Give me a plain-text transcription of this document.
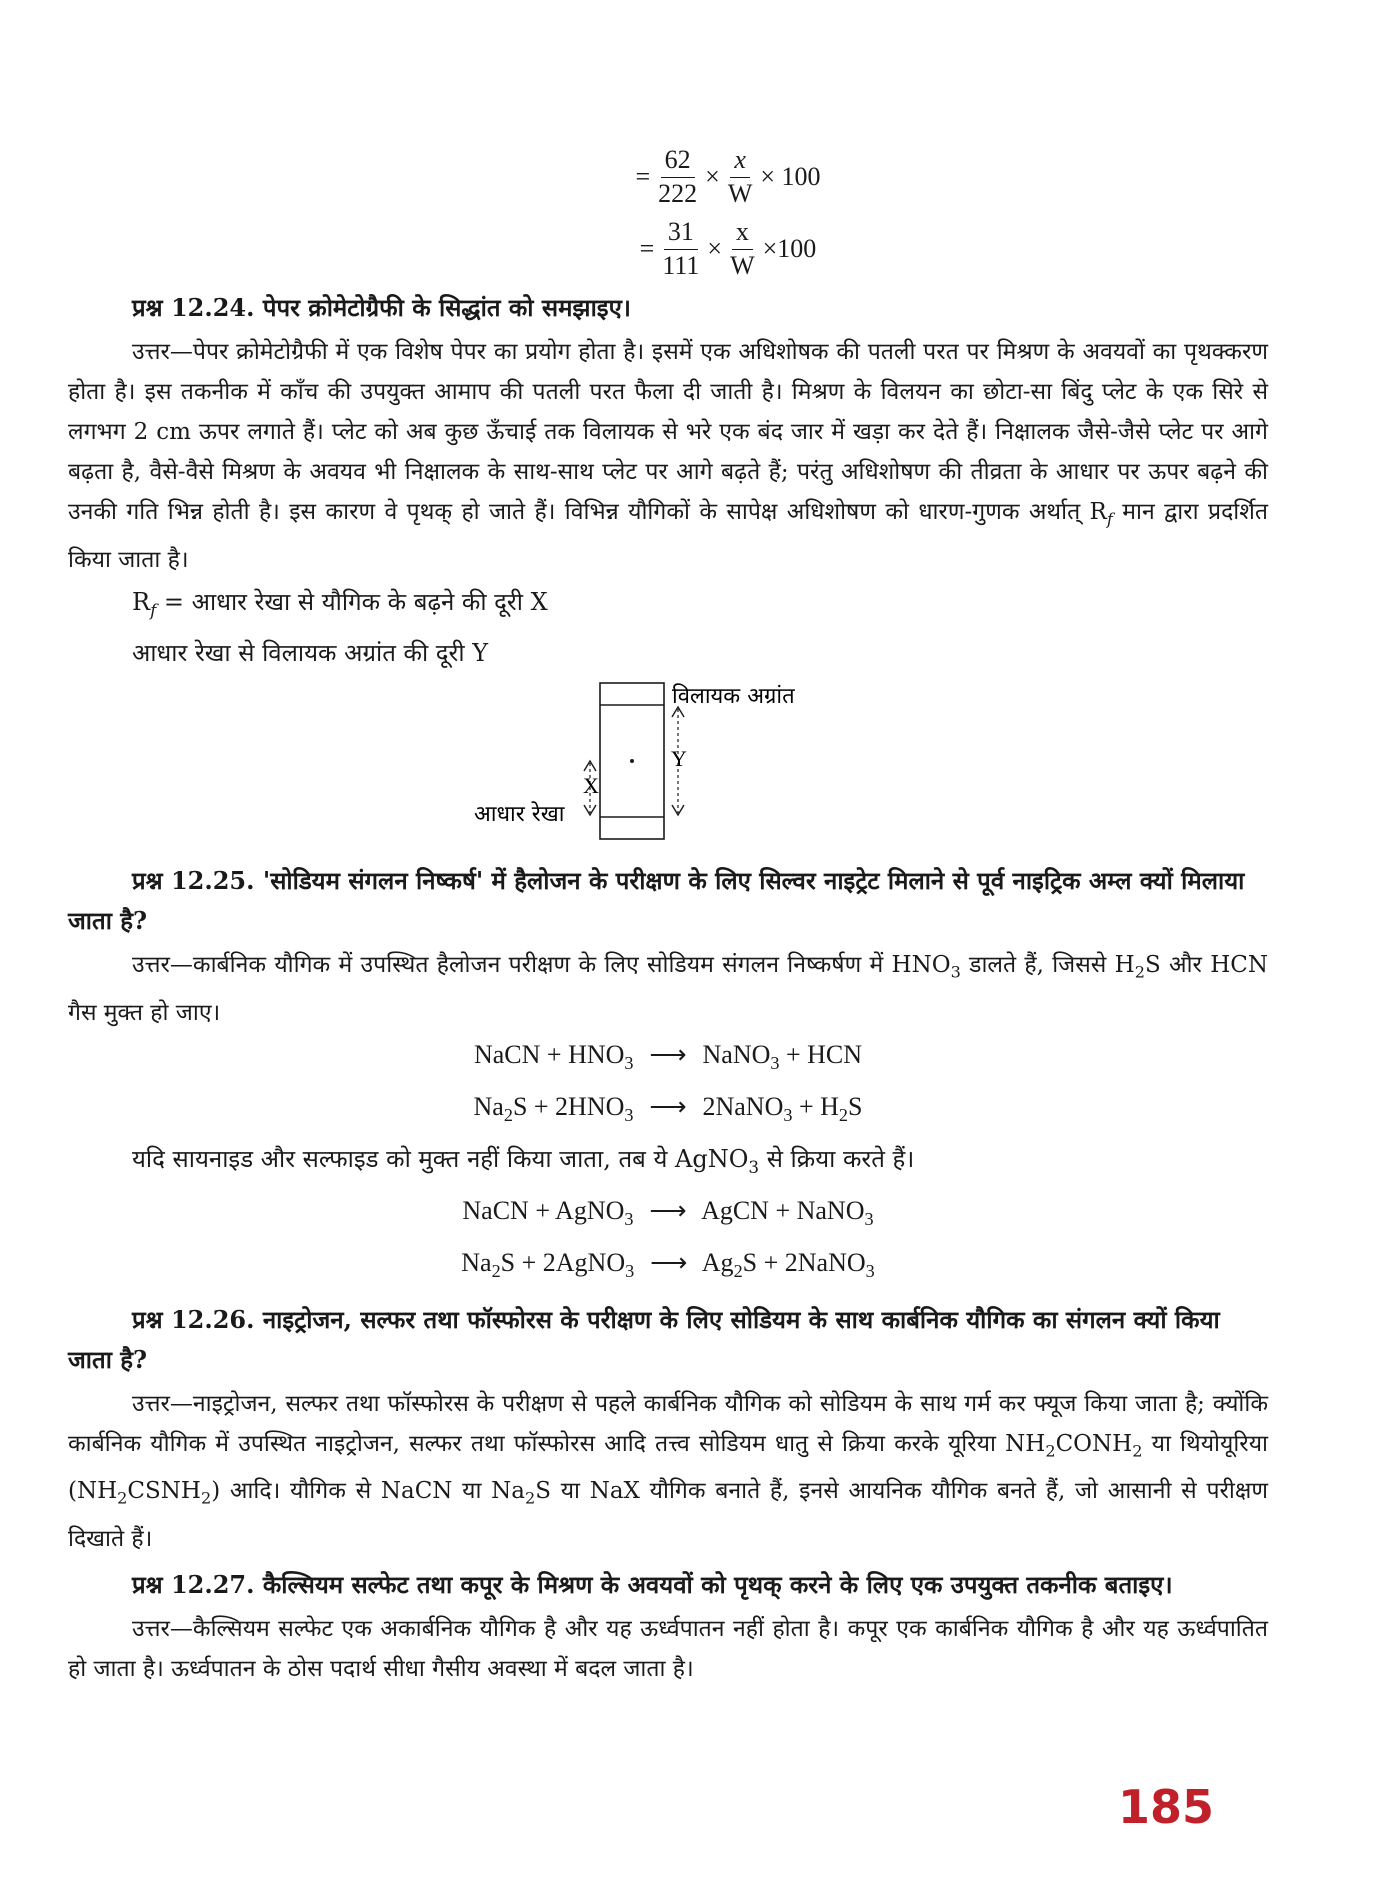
= $\frac{62}{222} \times \frac{x}{W} \times 100$
= $\frac{31}{111} \times \frac{x}{W} \times 100$
प्रश्न 12.24. पेपर क्रोमेटोग्रैफी के सिद्धांत को समझाइए।

उत्तर—पेपर क्रोमेटोग्रैफी में एक विशेष पेपर का प्रयोग होता है। इसमें एक अधिशोषक की पतली परत पर मिश्रण के अवयवों का पृथक्करण होता है। इस तकनीक में काँच की उपयुक्त आमाप की पतली परत फैला दी जाती है। मिश्रण के विलयन का छोटा-सा बिंदु प्लेट के एक सिरे से लगभग 2 cm ऊपर लगाते हैं। प्लेट को अब कुछ ऊँचाई तक विलायक से भरे एक बंद जार में खड़ा कर देते हैं। निक्षालक जैसे-जैसे प्लेट पर आगे बढ़ता है, वैसे-वैसे मिश्रण के अवयव भी निक्षालक के साथ-साथ प्लेट पर आगे बढ़ते हैं; परंतु अधिशोषण की तीव्रता के आधार पर ऊपर बढ़ने की उनकी गति भिन्न होती है। इस कारण वे पृथक् हो जाते हैं। विभिन्न यौगिकों के सापेक्ष अधिशोषण को धारण-गुणक अर्थात् $R_f$ मान द्वारा प्रदर्शित किया जाता है।

$R_f$ = आधार रेखा से यौगिक के बढ़ने की दूरी X
आधार रेखा से विलायक अग्रांत की दूरी Y
Y
X
विलायक अग्रांत
आधार रेखा
प्रश्न 12.25. 'सोडियम संगलन निष्कर्ष' में हैलोजन के परीक्षण के लिए सिल्वर नाइट्रेट मिलाने से पूर्व नाइट्रिक अम्ल क्यों मिलाया जाता है?

उत्तर—कार्बनिक यौगिक में उपस्थित हैलोजन परीक्षण के लिए सोडियम संगलन निष्कर्षण में $HNO_3$ डालते हैं, जिससे $H_2S$ और HCN गैस मुक्त हो जाए।

NaCN + $HNO_3$ ⟶ NaNO$_3$ + HCN
$Na_2S + 2HNO_3$ ⟶ 2NaNO$_3$ + $H_2S$
यदि सायनाइड और सल्फाइड को मुक्त नहीं किया जाता, तब ये AgNO$_3$ से क्रिया करते हैं।
NaCN + AgNO$_3$ ⟶ AgCN + NaNO$_3$
$Na_2S$ + 2AgNO$_3$ ⟶ $Ag_2S$ + 2NaNO$_3$
प्रश्न 12.26. नाइट्रोजन, सल्फर तथा फॉस्फोरस के परीक्षण के लिए सोडियम के साथ कार्बनिक यौगिक का संगलन क्यों किया जाता है?

उत्तर—नाइट्रोजन, सल्फर तथा फॉस्फोरस के परीक्षण से पहले कार्बनिक यौगिक को सोडियम के साथ गर्म कर फ्यूज किया जाता है; क्योंकि कार्बनिक यौगिक में उपस्थित नाइट्रोजन, सल्फर तथा फॉस्फोरस आदि तत्त्व सोडियम धातु से क्रिया करके यूरिया $NH_2CONH_2$ या थियोयूरिया $(NH_2CSNH_2)$ आदि। यौगिक से NaCN या $Na_2S$ या NaX यौगिक बनाते हैं, इनसे आयनिक यौगिक बनते हैं, जो आसानी से परीक्षण दिखाते हैं।

प्रश्न 12.27. कैल्सियम सल्फेट तथा कपूर के मिश्रण के अवयवों को पृथक् करने के लिए एक उपयुक्त तकनीक बताइए।

उत्तर—कैल्सियम सल्फेट एक अकार्बनिक यौगिक है और यह ऊर्ध्वपातन नहीं होता है। कपूर एक कार्बनिक यौगिक है और यह ऊर्ध्वपातित हो जाता है। ऊर्ध्वपातन के ठोस पदार्थ सीधा गैसीय अवस्था में बदल जाता है।

185
